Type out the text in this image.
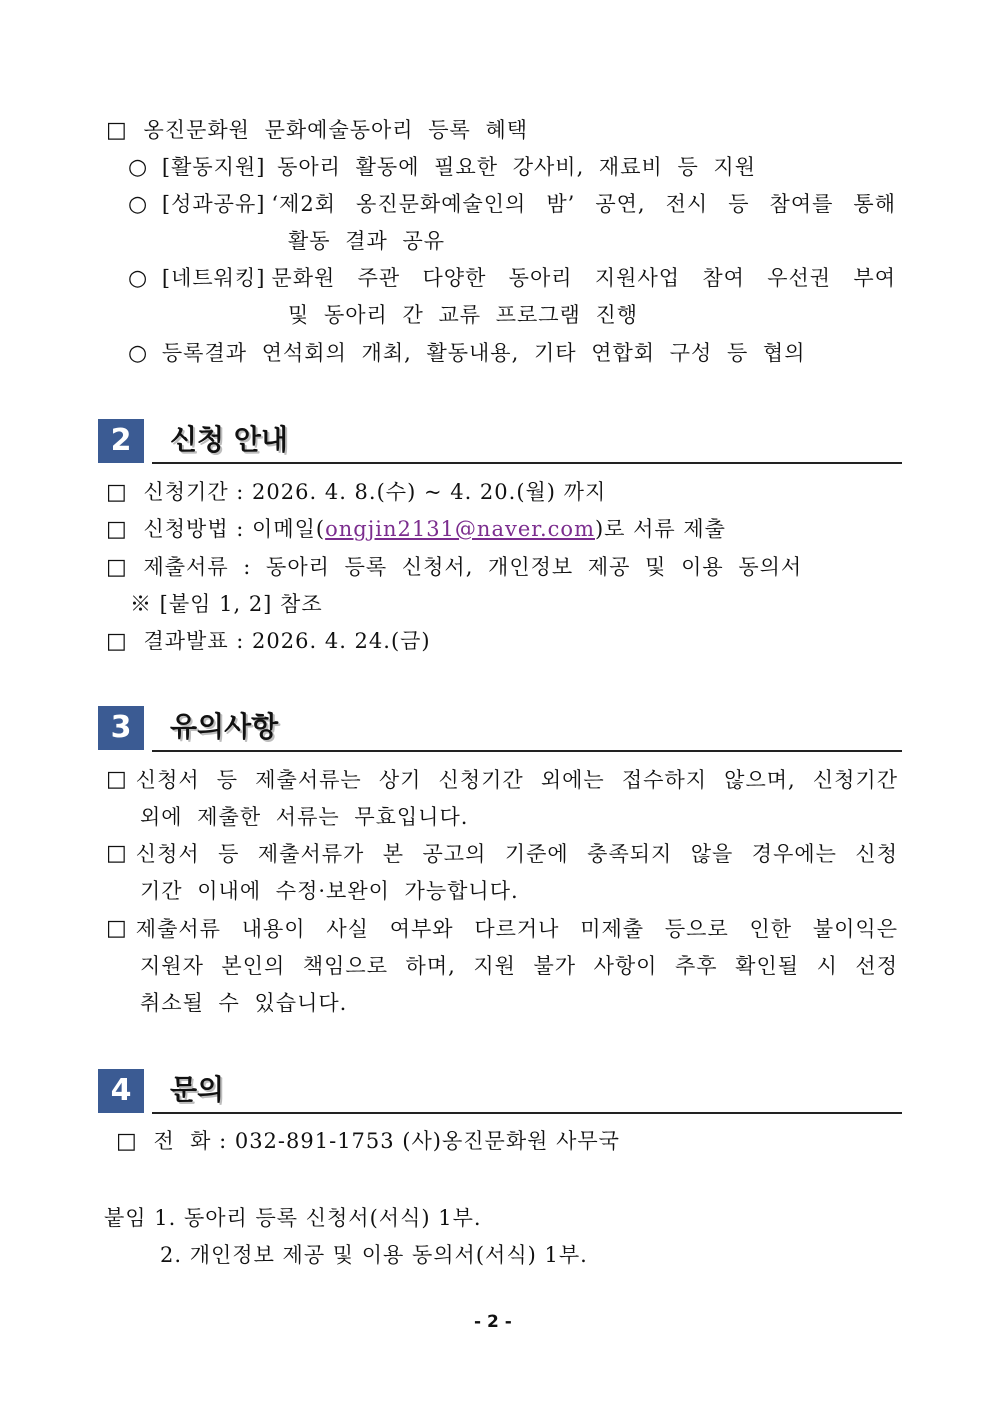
□ 옹진문화원 문화예술동아리 등록 혜택
○ [활동지원] 동아리 활동에 필요한 강사비, 재료비 등 지원
○ [성과공유] ‘제2회 옹진문화예술인의 밤’ 공연, 전시 등 참여를 통해
활동 결과 공유
○ [네트워킹] 문화원 주관 다양한 동아리 지원사업 참여 우선권 부여
및 동아리 간 교류 프로그램 진행
○ 등록결과 연석회의 개최, 활동내용, 기타 연합회 구성 등 협의
2	신청 안내
□ 신청기간 : 2026. 4. 8.(수) ~ 4. 20.(월) 까지
□ 신청방법 : 이메일(ongjin2131@naver.com)로 서류 제출
□ 제출서류 : 동아리 등록 신청서, 개인정보 제공 및 이용 동의서
※ [붙임 1, 2] 참조
□ 결과발표 : 2026. 4. 24.(금)
3	유의사항
□ 신청서 등 제출서류는 상기 신청기간 외에는 접수하지 않으며, 신청기간
외에 제출한 서류는 무효입니다.
□ 신청서 등 제출서류가 본 공고의 기준에 충족되지 않을 경우에는 신청
기간 이내에 수정·보완이 가능합니다.
□ 제출서류 내용이 사실 여부와 다르거나 미제출 등으로 인한 불이익은
지원자 본인의 책임으로 하며, 지원 불가 사항이 추후 확인될 시 선정
취소될 수 있습니다.
4	문의
□ 전  화 : 032-891-1753 (사)옹진문화원 사무국
붙임 1. 동아리 등록 신청서(서식) 1부.
2. 개인정보 제공 및 이용 동의서(서식) 1부.
- 2 -
